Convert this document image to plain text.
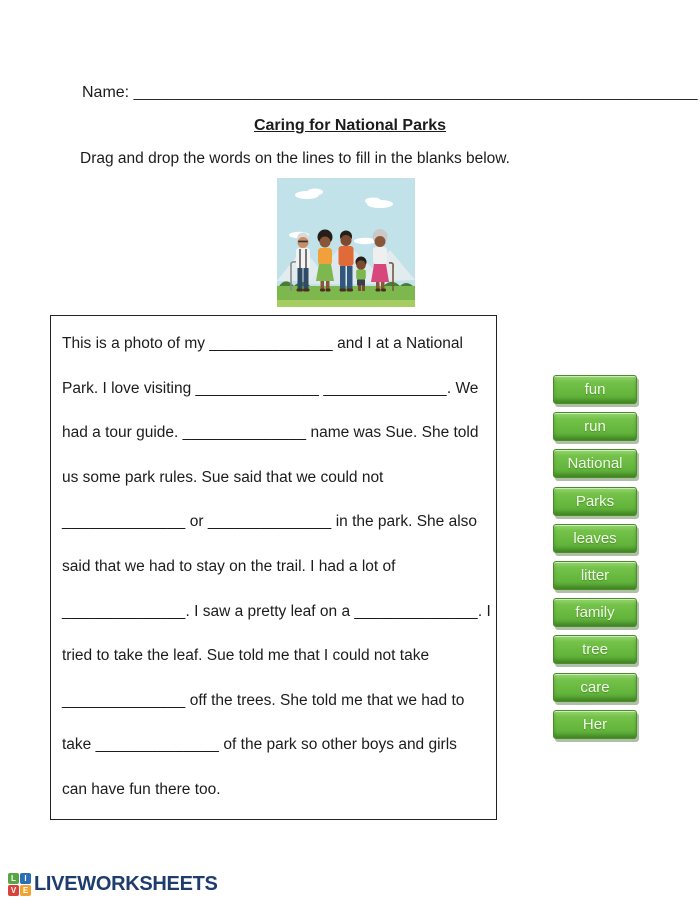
Name: ______________________________________________________________
Caring for National Parks
Drag and drop the words on the lines to fill in the blanks below.
This is a photo of my ______________ and I at a National
Park. I love visiting ______________ ______________. We
had a tour guide. ______________ name was Sue. She told
us some park rules. Sue said that we could not
______________ or ______________ in the park. She also
said that we had to stay on the trail. I had a lot of
______________. I saw a pretty leaf on a ______________. I
tried to take the leaf. Sue told me that I could not take
______________ off the trees. She told me that we had to
take ______________ of the park so other boys and girls
can have fun there too.
fun
run
National
Parks
leaves
litter
family
tree
care
Her
L	I
V E LIVEWORKSHEETS
